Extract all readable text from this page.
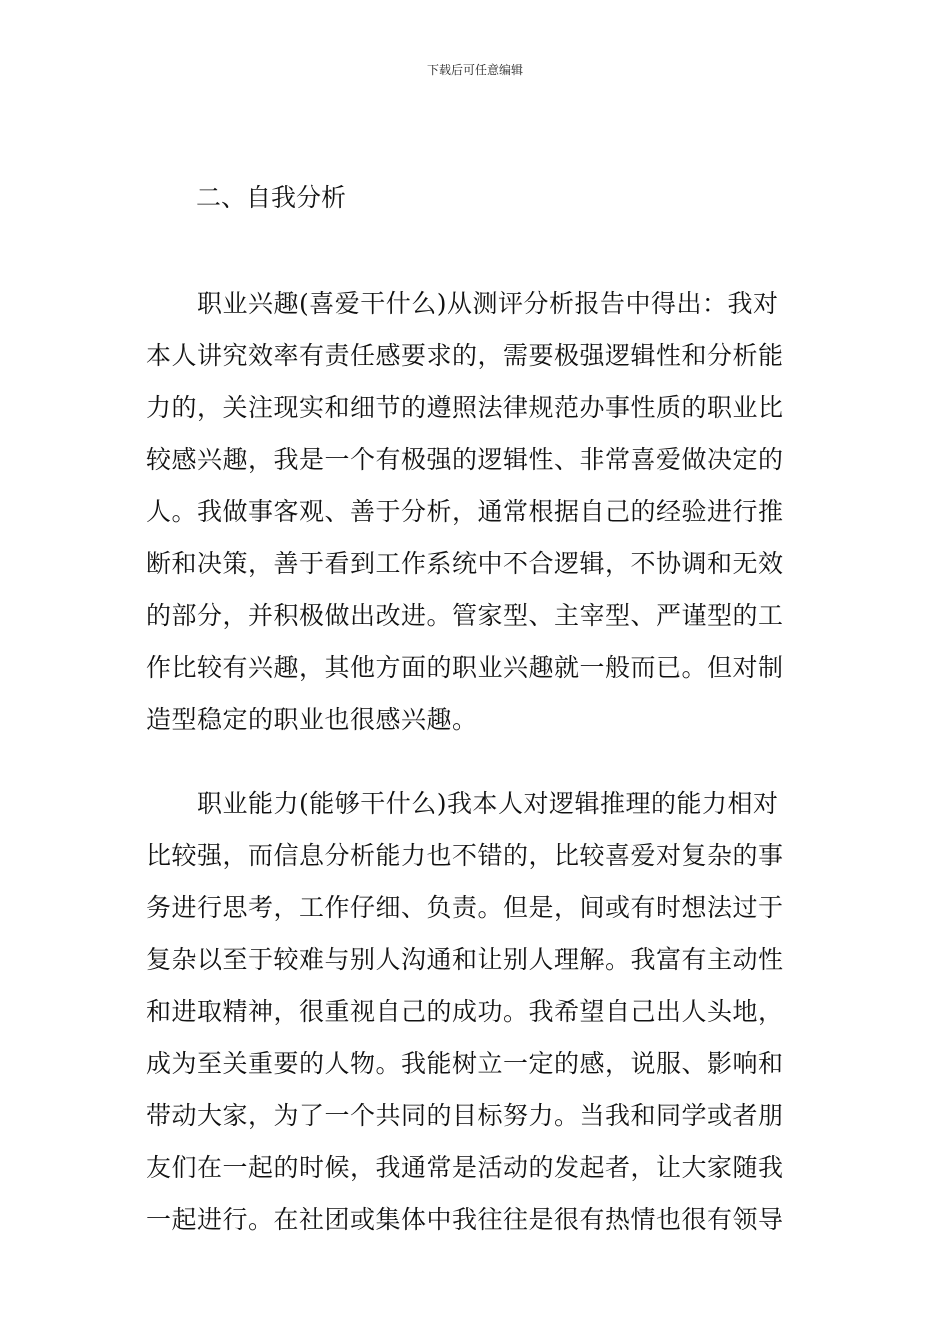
下载后可任意编辑
二、自我分析
　　职业兴趣(喜爱干什么)从测评分析报告中得出：我对
本人讲究效率有责任感要求的，需要极强逻辑性和分析能
力的，关注现实和细节的遵照法律规范办事性质的职业比
较感兴趣，我是一个有极强的逻辑性、非常喜爱做决定的
人。我做事客观、善于分析，通常根据自己的经验进行推
断和决策，善于看到工作系统中不合逻辑，不协调和无效
的部分，并积极做出改进。管家型、主宰型、严谨型的工
作比较有兴趣，其他方面的职业兴趣就一般而已。但对制
造型稳定的职业也很感兴趣。
　　职业能力(能够干什么)我本人对逻辑推理的能力相对
比较强，而信息分析能力也不错的，比较喜爱对复杂的事
务进行思考，工作仔细、负责。但是，间或有时想法过于
复杂以至于较难与别人沟通和让别人理解。我富有主动性
和进取精神，很重视自己的成功。我希望自己出人头地，
成为至关重要的人物。我能树立一定的感，说服、影响和
带动大家，为了一个共同的目标努力。当我和同学或者朋
友们在一起的时候，我通常是活动的发起者，让大家随我
一起进行。在社团或集体中我往往是很有热情也很有领导
